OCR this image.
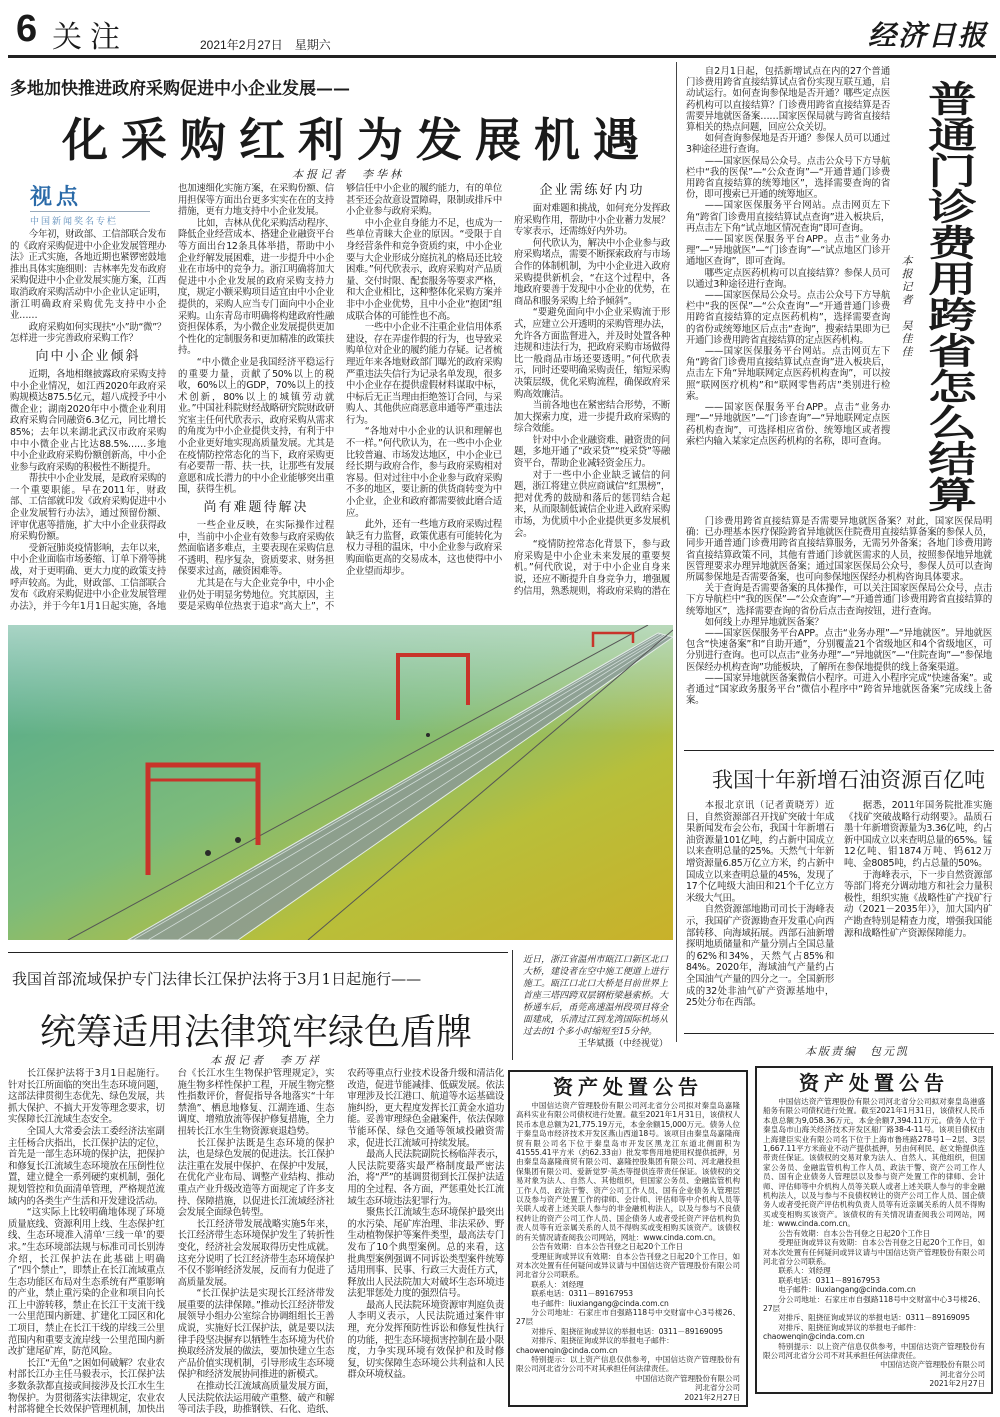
6 关注	2021年2月27日　星期六	经济日报
多地加快推进政府采购促进中小企业发展——
化采购红利为发展机遇
本报记者　李华林
视点
中国新闻奖名专栏

今年初，财政部、工信部联合发布的《政府采购促进中小企业发展管理办法》正式实施，各地近期也紧锣密鼓地推出具体实施细则：吉林率先发布政府采购促进中小企业发展实施方案，江西取消政府采购活动中小企业认定证明，浙江明确政府采购优先支持中小企业……

政府采购如何实现扶“小”助“微”？怎样进一步完善政府采购工作？

向中小企业倾斜

近期，各地相继披露政府采购支持中小企业情况，如江西2020年政府采购规模达875.5亿元，超八成授予中小微企业；湖南2020年中小微企业利用政府采购合同融资6.3亿元，同比增长85%；去年以来湖北武汉市政府采购中中小微企业占比达88.5%……多地中小企业政府采购份额创新高，中小企业参与政府采购的积极性不断提升。

帮扶中小企业发展，是政府采购的一个重要职能。早在2011年，财政部、工信部就印发《政府采购促进中小企业发展暂行办法》，通过预留份额、评审优惠等措施，扩大中小企业获得政府采购份额。

受新冠肺炎疫情影响，去年以来，中小企业面临市场萎缩、订单下滑等挑战，对于更明确、更大力度的政策支持呼声较高。为此，财政部、工信部联合发布《政府采购促进中小企业发展管理办法》，并于今年1月1日起实施，各地也加速细化实施方案，在采购份额、信用担保等方面出台更多实实在在的支持措施，更有力地支持中小企业发展。

比如，吉林从优化采购活动程序、降低企业经营成本、搭建企业融资平台等方面出台12条具体举措，帮助中小企业纾解发展困难，进一步提升中小企业在市场中的竞争力。浙江明确将加大促进中小企业发展的政府采购支持力度，规定小额采购项目适宜由中小企业提供的，采购人应当专门面向中小企业采购。山东青岛市明确将构建政府性融资担保体系，为小微企业发展提供更加个性化的定制服务和更加精准的政策扶持。

“中小微企业是我国经济平稳运行的重要力量，贡献了50%以上的税收，60%以上的GDP，70%以上的技术创新，80%以上的城镇劳动就业。”中国社科院财经战略研究院财政研究室主任何代欣表示，政府采购从需求的角度为中小企业提供支持，有利于中小企业更好地实现高质量发展。尤其是在疫情防控常态化的当下，政府采购更有必要帮一帮、扶一扶，让那些有发展意愿和成长潜力的中小企业能够突出重围，获得生机。

尚有难题待解决

一些企业反映，在实际操作过程中，当前中小企业有效参与政府采购依然面临诸多难点，主要表现在采购信息不透明、程序复杂，资质要求、财务担保要求过高，融资困难等。

尤其是在与大企业竞争中，中小企业仍处于明显劣势地位。究其原因，主要是采购单位热衷于追求“高大上”，不够信任中小企业的履约能力，有的单位甚至还会故意设置障碍，限制或排斥中小企业参与政府采购。

中小企业自身能力不足，也成为一些单位青睐大企业的原因。“受限于自身经营条件和竞争资质约束，中小企业要与大企业形成分庭抗礼的格局还比较困难。”何代欣表示，政府采购对产品质量、交付时限、配套服务等要求严格，和大企业相比，这种整体化采购方案并非中小企业优势，且中小企业“抱团”组成联合体的可能性也不高。

一些中小企业不注重企业信用体系建设，存在弄虚作假的行为，也导致采购单位对企业的履约能力存疑。记者梳理近年来各地财政部门曝光的政府采购严重违法失信行为记录名单发现，很多中小企业存在提供虚假材料谋取中标，中标后无正当理由拒绝签订合同，与采购人、其他供应商恶意串通等严重违法行为。

“各地对中小企业的认识和理解也不一样。”何代欣认为，在一些中小企业比较普遍、市场发达地区，中小企业已经长期与政府合作，参与政府采购相对容易。但对过往中小企业参与政府采购不多的地区，要让新的供货商转变为中小企业，企业和政府都需要彼此磨合适应。

此外，还有一些地方政府采购过程缺乏有力监督，政策优惠有可能转化为权力寻租的温床，中小企业参与政府采购面临更高的交易成本，这也使得中小企业望而却步。

企业需练好内功

面对难题和挑战，如何充分发挥政府采购作用，帮助中小企业蓄力发展？专家表示，还需练好内外功。

何代欣认为，解决中小企业参与政府采购堵点，需要不断探索政府与市场合作的体制机制，为中小企业进入政府采购提供新机会，“在这个过程中，各地政府要善于发现中小企业的优势，在商品和服务采购上给予倾斜”。

“要避免面向中小企业采购流于形式，应建立公开透明的采购管理办法，允许各方面监督进入，并及时处置各种违规和违法行为，把政府采购市场做得比一般商品市场还要透明。”何代欣表示，同时还要明确采购责任，缩短采购决策层级，优化采购流程，确保政府采购高效廉洁。

当前各地也在紧密结合形势，不断加大探索力度，进一步提升政府采购的综合效能。

针对中小企业融资难、融资贵的问题，多地开通了“政采贷”“疫采贷”等融资平台，帮助企业减轻资金压力。

对于一些中小企业缺乏诚信的问题，浙江将建立供应商诚信“红黑榜”，把对优秀的鼓励和落后的惩罚结合起来，从而限制低诚信企业进入政府采购市场，为优质中小企业提供更多发展机会。

“疫情防控常态化背景下，参与政府采购是中小企业未来发展的重要契机。”何代欣说，对于中小企业自身来说，还应不断提升自身竞争力，增强履约信用，熟悉规则，将政府采购的潜在

自2月1日起，包括新增试点在内的27个普通门诊费用跨省直接结算试点省份实现互联互通，启动试运行。如何查询参保地是否开通？哪些定点医药机构可以直接结算？门诊费用跨省直接结算是否需要异地就医备案……国家医保局就与跨省直接结算相关的热点问题，回应公众关切。

如何查询参保地是否开通？参保人员可以通过3种途径进行查询。

——国家医保局公众号。点击公众号下方导航栏中“我的医保”—“公众查询”—“开通普通门诊费用跨省直接结算的统筹地区”，选择需要查询的省份，即可搜索已开通的统筹地区。

——国家医保服务平台网站。点击网页左下角“跨省门诊费用直接结算试点查询”进入板块后，再点击左下角“试点地区情况查询”即可查询。

——国家医保服务平台APP。点击“业务办理”—“异地就医”—“门诊查询”—“试点地区门诊开通地区查询”，即可查询。

哪些定点医药机构可以直接结算？参保人员可以通过3种途径进行查询。

——国家医保局公众号。点击公众号下方导航栏中“我的医保”—“公众查询”—“开通普通门诊费用跨省直接结算的定点医药机构”，选择需要查询的省份或统筹地区后点击“查询”，搜索结果即为已开通门诊费用跨省直接结算的定点医药机构。

——国家医保服务平台网站。点击网页左下角“跨省门诊费用直接结算试点查询”进入板块后，点击左下角“异地联网定点医药机构查询”，可以按照“联网医疗机构”和“联网零售药店”类别进行检索。

——国家医保服务平台APP。点击“业务办理”—“异地就医”—“门诊查询”—“异地联网定点医药机构查询”，可选择相应省份、统筹地区或者搜索栏内输入某家定点医药机构的名称，即可查询。

本报记者　吴佳佳 普通门诊费用跨省怎么结算

门诊费用跨省直接结算是否需要异地就医备案？对此，国家医保局明确：已办理基本医疗保险跨省异地就医住院费用直接结算备案的参保人员，同步开通普通门诊费用跨省直接结算服务，无需另外备案；各地门诊费用跨省直接结算政策不同，其他有普通门诊就医需求的人员，按照参保地异地就医管理要求办理异地就医备案；通过国家医保局公众号，参保人员可以查询所属参保地是否需要备案，也可向参保地医保经办机构咨询具体要求。

关于查询是否需要备案的具体操作，可以关注国家医保局公众号，点击下方导航栏中“我的医保”—“公众查询”—“开通普通门诊费用跨省直接结算的统筹地区”，选择需要查询的省份后点击查询按钮，进行查询。

如何线上办理异地就医备案？

——国家医保服务平台APP。点击“业务办理”—“异地就医”。异地就医包含“快速备案”和“自助开通”，分别覆盖21个省级地区和4个省级地区，可分别进行查询。也可以点击“业务办理”—“异地就医”—“住院查询”—“参保地医保经办机构查询”功能板块，了解所在参保地提供的线上备案渠道。

——国家异地就医备案微信小程序。可进入小程序完成“快速备案”。或者通过“国家政务服务平台”微信小程序中“跨省异地就医备案”完成线上备案。

我国十年新增石油资源百亿吨

本报北京讯（记者黄晓芳）近日，自然资源部召开找矿突破十年成果新闻发布会公布，我国十年新增石油资源量101亿吨，约占新中国成立以来查明总量的25%。天然气十年新增资源量6.85万亿立方米，约占新中国成立以来查明总量的45%，发现了17个亿吨级大油田和21个千亿立方米级大气田。

自然资源部地勘司司长于海峰表示，我国矿产资源勘查开发重心向西部转移、向海域拓展。西部石油新增探明地质储量和产量分别占全国总量的62%和34%，天然气占85%和84%。2020年，海域油气产量约占全国油气产量的四分之一。全国新形成的32处非油气矿产资源基地中，25处分布在西部。

据悉，2011年国务院批准实施《找矿突破战略行动纲要》。晶质石墨十年新增资源量为3.36亿吨，约占新中国成立以来查明总量的65%。锰12亿吨、钼1874万吨、钨612万吨、金8085吨，约占总量的50%。

于海峰表示，下一步自然资源部等部门将充分调动地方和社会力量积极性，组织实施《战略性矿产找矿行动（2021－2035年）》，加大国内矿产勘查特别是精查力度，增强我国能源和战略性矿产资源保障能力。

本版责编　包元凯
近日，浙江省温州市瓯江口新区北口大桥，建设者在空中施工便道上进行施工。瓯江口北口大桥是目前世界上首座三塔四跨双层钢桁梁悬索桥。大桥通车后，甬莞高速温州段项目将全面建成，乐清过江到龙湾国际机场从过去的1个多小时缩短至15分钟。
王华斌摄（中经视觉）
我国首部流域保护专门法律长江保护法将于3月1日起施行——
统筹适用法律筑牢绿色盾牌
本报记者　李万祥

长江保护法将于3月1日起施行。针对长江所面临的突出生态环境问题，这部法律贯彻生态优先、绿色发展，共抓大保护、不搞大开发等理念要求，切实保障长江流域生态安全。

全国人大常委会法工委经济法室副主任杨合庆指出，长江保护法的定位，首先是一部生态环境的保护法，把保护和修复长江流域生态环境放在压倒性位置，建立健全一系列硬约束机制，强化规划管控和负面清单管理，严格规范流域内的各类生产生活和开发建设活动。

“这实际上比较明确地体现了环境质量底线、资源利用上线、生态保护红线、生态环境准入清单‘三线一单’的要求。”生态环境部法规与标准司司长别涛介绍，长江保护法在此基础上明确了“四个禁止”，即禁止在长江流域重点生态功能区布局对生态系统有严重影响的产业，禁止重污染的企业和项目向长江上中游转移，禁止在长江干支流干线一公里范围内新建、扩建化工园区和化工项目，禁止在长江干线的岸线三公里范围内和重要支流岸线一公里范围内新改扩建尾矿库，防范风险。

长江“无鱼”之困如何破解？农业农村部长江办主任马毅表示，长江保护法多数条款都直接或间接涉及长江水生生物保护。为贯彻落实法律规定，农业农村部将健全长效保护管理机制，加快出台《长江水生生物保护管理规定》，实施生物多样性保护工程，开展生物完整性指数评价，督促指导各地落实“十年禁渔”、栖息地修复、江湖连通、生态调度、增殖放流等保护修复措施，全力扭转长江水生生物资源衰退趋势。

长江保护法既是生态环境的保护法，也是绿色发展的促进法。长江保护法注重在发展中保护、在保护中发展，在优化产业布局、调整产业结构、推动重点产业升级改造等方面规定了许多支持、保障措施，以促进长江流域经济社会发展全面绿色转型。

长江经济带发展战略实施5年来，长江经济带生态环境保护发生了转折性变化，经济社会发展取得历史性成就。这充分说明了长江经济带生态环境保护不仅不影响经济发展，反而有力促进了高质量发展。

“长江保护法是实现长江经济带发展重要的法律保障。”推动长江经济带发展领导小组办公室综合协调组组长王善成说，实施好长江保护法，就是要以法律手段坚决摒弃以牺牲生态环境为代价换取经济发展的做法，要加快建立生态产品价值实现机制，引导形成生态环境保护和经济发展协同推进的新模式。

在推动长江流域高质量发展方面，人民法院依法运用破产重整、破产和解等司法手段，助推钢铁、石化、造纸、农药等重点行业技术设备升级和清洁化改造，促进节能减排、低碳发展。依法审理涉及长江港口、航道等水运基础设施纠纷，更大程度发挥长江黄金水道功能。妥善审理绿色金融案件，依法保障节能环保、绿色交通等领域投融资需求，促进长江流域可持续发展。

最高人民法院副院长杨临萍表示，人民法院要落实最严格制度最严密法治，将“严”的基调贯彻到长江保护法适用的全过程、各方面，严惩重处长江流域生态环境违法犯罪行为。

聚焦长江流域生态环境保护最突出的水污染、尾矿库治理、非法采砂、野生动植物保护等案件类型，最高法专门发布了10个典型案例。总的来看，这批典型案例强调不同诉讼类型案件统筹适用刑事、民事、行政三大责任方式，释放出人民法院加大对破坏生态环境违法犯罪惩处力度的强烈信号。

最高人民法院环境资源审判庭负责人李明义表示，人民法院通过案件审理，充分发挥预防性诉讼和修复性执行的功能，把生态环境损害控制在最小限度，力争实现环境有效保护和及时修复，切实保障生态环境公共利益和人民群众环境权益。

资产处置公告

中国信达资产管理股份有限公司河北省分公司拟对秦皇岛嘉隆高科实业有限公司债权进行处置。截至2021年1月31日，该债权人民币本息总额为21,775.19万元，本金余额15,000万元。债务人位于秦皇岛市经济技术开发区燕山西道18号。该项目由秦皇岛嘉隆商贸有限公司名下位于秦皇岛市开发区黑龙江东道北侧面积为41555.41平方米（约62.33亩）批发零售用地使用权提供抵押，另由秦皇岛嘉隆商贸有限公司、嘉隆控股集团有限公司、河北融投担保集团有限公司、爱新觉罗·英杰等提供连带责任保证。该债权的交易对象为法人、自然人、其他组织，但国家公务员、金融监管机构工作人员、政法干警、资产公司工作人员、国有企业债务人管理层以及参与资产处置工作的律师、会计师、评估师等中介机构人员等关联人或者上述关联人参与的非金融机构法人，以及与参与不良债权转让的资产公司工作人员、国企债务人或者受托资产评估机构负责人员等有近亲属关系的人员不得购买或变相购买该资产。该债权的有关情况请查阅我公司网站，网址：www.cinda.com.cn。

公告有效期：自本公告刊登之日起20个工作日

受理征询或异议有效期：自本公告刊登之日起20个工作日，如对本次处置有任何疑问或异议请与中国信达资产管理股份有限公司河北省分公司联系。

联系人：刘经理

联系电话：0311－89167953

电子邮件：liuxiangang@cinda.com.cn

分公司地址：石家庄市自强路118号中交财富中心3号楼26、27层

对排斥、阻挠征询或异议的举报电话：0311－89169095

对排斥、阻挠征询或异议的举报电子邮件：

chaowenqin@cinda.com.cn

特别提示：以上资产信息仅供参考，中国信达资产管理股份有限公司河北省分公司不对其承担任何法律责任。

中国信达资产管理股份有限公司

河北省分公司

2021年2月27日

资产处置公告

中国信达资产管理股份有限公司河北省分公司拟对秦皇岛港盛船务有限公司债权进行处置。截至2021年1月31日，该债权人民币本息总额为9,058.36万元，本金余额7,394.11万元。债务人位于秦皇岛市山海关经济技术开发区船厂路38-4-11号。该项目债权由上海建臣实业有限公司名下位于上海市鲁班路278号1－2层、3层1,667.11平方米商业不动产提供抵押，另由何利民、赵文艳提供连带责任保证。该债权的交易对象为法人、自然人、其他组织，但国家公务员、金融监管机构工作人员、政法干警、资产公司工作人员、国有企业债务人管理层以及参与资产处置工作的律师、会计师、评估师等中介机构人员等关联人或者上述关联人参与的非金融机构法人，以及与参与不良债权转让的资产公司工作人员、国企债务人或者受托资产评估机构负责人员等有近亲属关系的人员不得购买或变相购买该资产。该债权的有关情况请查阅我公司网站，网址：www.cinda.com.cn。

公告有效期：自本公告刊登之日起20个工作日

受理征询或异议有效期：自本公告刊登之日起20个工作日，如对本次处置有任何疑问或异议请与中国信达资产管理股份有限公司河北省分公司联系。

联系人：刘经理

联系电话：0311－89167953

电子邮件：liuxiangang@cinda.com.cn

分公司地址：石家庄市自强路118号中交财富中心3号楼26、27层

对排斥、阻挠征询或异议的举报电话：0311－89169095

对排斥、阻挠征询或异议的举报电子邮件：

chaowenqin@cinda.com.cn

特别提示：以上资产信息仅供参考，中国信达资产管理股份有限公司河北省分公司不对其承担任何法律责任。

中国信达资产管理股份有限公司

河北省分公司

2021年2月27日
